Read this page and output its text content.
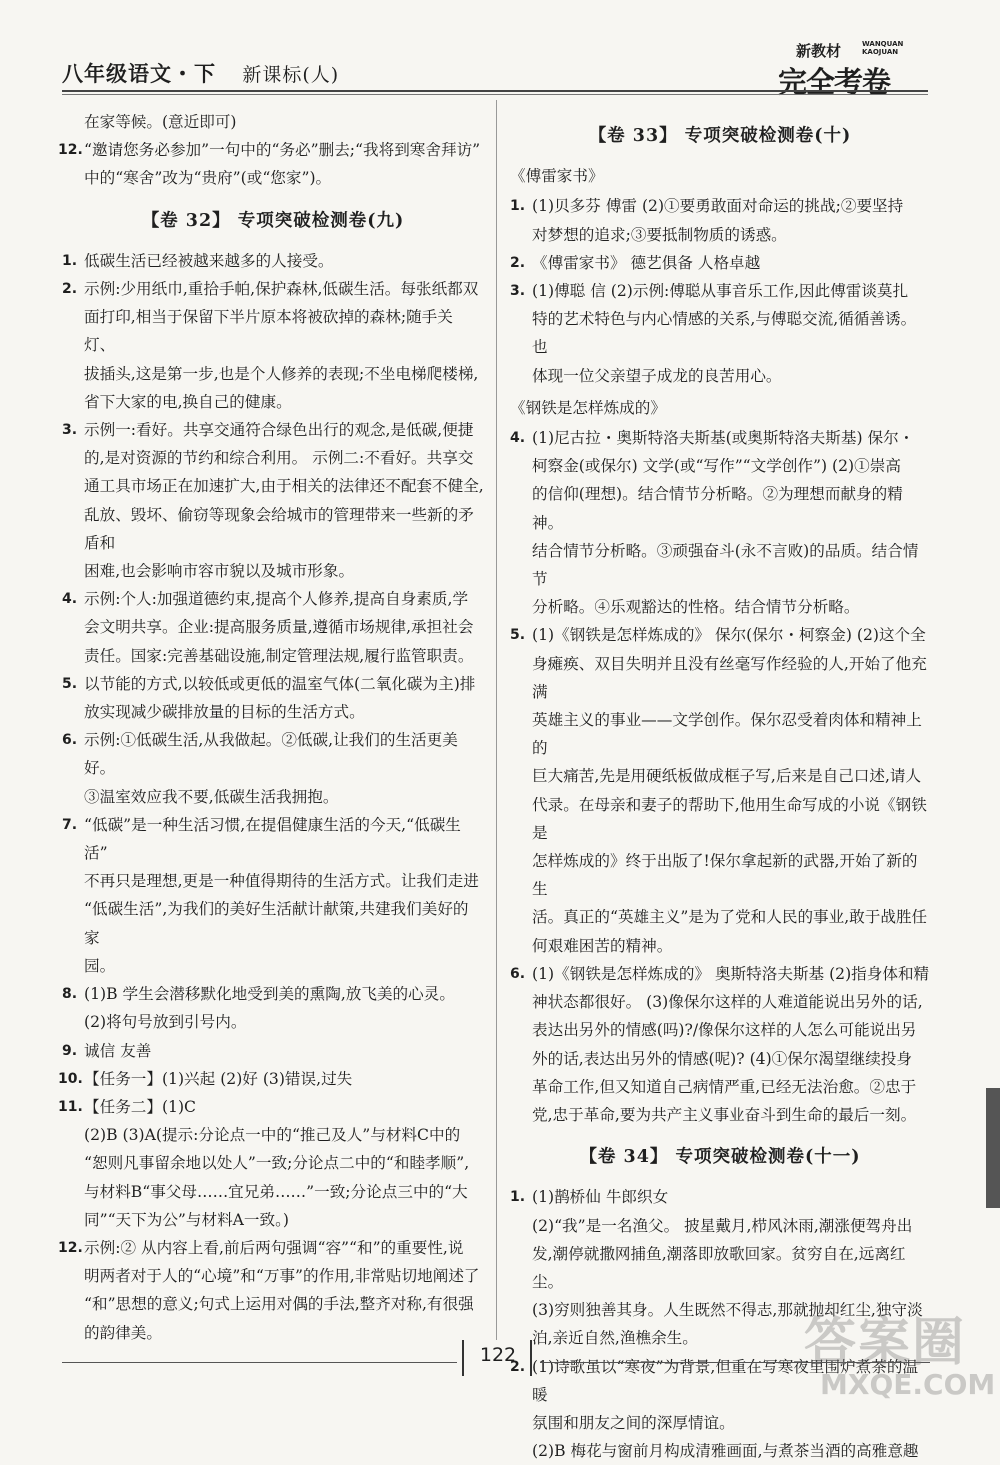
八年级语文・下 新课标(人)
新教材	WANQUAN
KAOJUAN
完全考卷

在家等候。(意近即可)

12. “邀请您务必参加”一句中的“务必”删去;“我将到寒舍拜访”
中的“寒舍”改为“贵府”(或“您家”)。
【卷 32】 专项突破检测卷(九)
1. 低碳生活已经被越来越多的人接受。
2. 示例:少用纸巾,重拾手帕,保护森林,低碳生活。每张纸都双
面打印,相当于保留下半片原本将被砍掉的森林;随手关灯、
拔插头,这是第一步,也是个人修养的表现;不坐电梯爬楼梯,
省下大家的电,换自己的健康。
3. 示例一:看好。共享交通符合绿色出行的观念,是低碳,便捷
的,是对资源的节约和综合利用。 示例二:不看好。共享交
通工具市场正在加速扩大,由于相关的法律还不配套不健全,
乱放、毁坏、偷窃等现象会给城市的管理带来一些新的矛盾和
困难,也会影响市容市貌以及城市形象。
4. 示例:个人:加强道德约束,提高个人修养,提高自身素质,学
会文明共享。企业:提高服务质量,遵循市场规律,承担社会
责任。国家:完善基础设施,制定管理法规,履行监管职责。
5. 以节能的方式,以较低或更低的温室气体(二氧化碳为主)排
放实现减少碳排放量的目标的生活方式。
6. 示例:①低碳生活,从我做起。②低碳,让我们的生活更美好。
③温室效应我不要,低碳生活我拥抱。
7. “低碳”是一种生活习惯,在提倡健康生活的今天,“低碳生活”
不再只是理想,更是一种值得期待的生活方式。让我们走进
“低碳生活”,为我们的美好生活献计献策,共建我们美好的家
园。
8. (1)B 学生会潜移默化地受到美的熏陶,放飞美的心灵。
(2)将句号放到引号内。
9. 诚信 友善
10. 【任务一】(1)兴起 (2)好 (3)错误,过失
11. 【任务二】(1)C
(2)B (3)A(提示:分论点一中的“推己及人”与材料C中的
“恕则凡事留余地以处人”一致;分论点二中的“和睦孝顺”,
与材料B“事父母……宜兄弟……”一致;分论点三中的“大
同”“天下为公”与材料A一致。)
12. 示例:② 从内容上看,前后两句强调“容”“和”的重要性,说
明两者对于人的“心境”和“万事”的作用,非常贴切地阐述了
“和”思想的意义;句式上运用对偶的手法,整齐对称,有很强
的韵律美。
【卷 33】 专项突破检测卷(十)

《傅雷家书》

1. (1)贝多芬 傅雷 (2)①要勇敢面对命运的挑战;②要坚持
对梦想的追求;③要抵制物质的诱惑。
2. 《傅雷家书》 德艺俱备 人格卓越
3. (1)傅聪 信 (2)示例:傅聪从事音乐工作,因此傅雷谈莫扎
特的艺术特色与内心情感的关系,与傅聪交流,循循善诱。也
体现一位父亲望子成龙的良苦用心。

《钢铁是怎样炼成的》

4. (1)尼古拉・奥斯特洛夫斯基(或奥斯特洛夫斯基) 保尔・
柯察金(或保尔) 文学(或“写作”“文学创作”) (2)①崇高
的信仰(理想)。结合情节分析略。②为理想而献身的精神。
结合情节分析略。③顽强奋斗(永不言败)的品质。结合情节
分析略。④乐观豁达的性格。结合情节分析略。
5. (1)《钢铁是怎样炼成的》 保尔(保尔・柯察金) (2)这个全
身瘫痪、双目失明并且没有丝毫写作经验的人,开始了他充满
英雄主义的事业——文学创作。保尔忍受着肉体和精神上的
巨大痛苦,先是用硬纸板做成框子写,后来是自己口述,请人
代录。在母亲和妻子的帮助下,他用生命写成的小说《钢铁是
怎样炼成的》终于出版了!保尔拿起新的武器,开始了新的生
活。真正的“英雄主义”是为了党和人民的事业,敢于战胜任
何艰难困苦的精神。
6. (1)《钢铁是怎样炼成的》 奥斯特洛夫斯基 (2)指身体和精
神状态都很好。 (3)像保尔这样的人难道能说出另外的话,
表达出另外的情感(吗)?/像保尔这样的人怎么可能说出另
外的话,表达出另外的情感(呢)? (4)①保尔渴望继续投身
革命工作,但又知道自己病情严重,已经无法治愈。②忠于
党,忠于革命,要为共产主义事业奋斗到生命的最后一刻。
【卷 34】 专项突破检测卷(十一)
1. (1)鹊桥仙 牛郎织女
(2)“我”是一名渔父。 披星戴月,栉风沐雨,潮涨便驾舟出
发,潮停就撒网捕鱼,潮落即放歌回家。贫穷自在,远离红尘。
(3)穷则独善其身。人生既然不得志,那就抛却红尘,独守淡
泊,亲近自然,渔樵余生。
2. (1)诗歌虽以“寒夜”为背景,但重在写寒夜里围炉煮茶的温暖
氛围和朋友之间的深厚情谊。
(2)B 梅花与窗前月构成清雅画面,与煮茶当酒的高雅意趣
122	答案圈
MXQE.COM
